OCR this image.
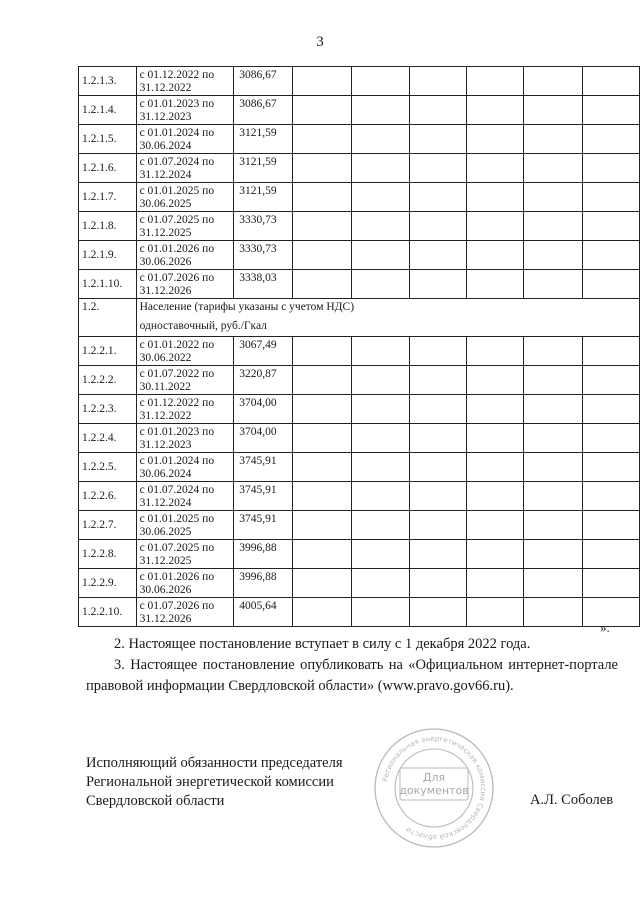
3
1.2.1.3.	с 01.12.2022 по 31.12.2022	3086,67						
1.2.1.4.	с 01.01.2023 по 31.12.2023	3086,67						
1.2.1.5.	с 01.01.2024 по 30.06.2024	3121,59						
1.2.1.6.	с 01.07.2024 по 31.12.2024	3121,59						
1.2.1.7.	с 01.01.2025 по 30.06.2025	3121,59						
1.2.1.8.	с 01.07.2025 по 31.12.2025	3330,73						
1.2.1.9.	с 01.01.2026 по 30.06.2026	3330,73						
1.2.1.10.	с 01.07.2026 по 31.12.2026	3338,03						
1.2.	Население (тарифы указаны с учетом НДС)							
	одноставочный, руб./Гкал							
1.2.2.1.	с 01.01.2022 по 30.06.2022	3067,49						
1.2.2.2.	с 01.07.2022 по 30.11.2022	3220,87						
1.2.2.3.	с 01.12.2022 по 31.12.2022	3704,00						
1.2.2.4.	с 01.01.2023 по 31.12.2023	3704,00						
1.2.2.5.	с 01.01.2024 по 30.06.2024	3745,91						
1.2.2.6.	с 01.07.2024 по 31.12.2024	3745,91						
1.2.2.7.	с 01.01.2025 по 30.06.2025	3745,91						
1.2.2.8.	с 01.07.2025 по 31.12.2025	3996,88						
1.2.2.9.	с 01.01.2026 по 30.06.2026	3996,88						
1.2.2.10.	с 01.07.2026 по 31.12.2026	4005,64						
».
2. Настоящее постановление вступает в силу с 1 декабря 2022 года.
3. Настоящее постановление опубликовать на «Официальном интернет-портале правовой информации Свердловской области» (www.pravo.gov66.ru).
Исполняющий обязанности председателя
Региональной энергетической комиссии
Свердловской области	А.Л. Соболев
Региональная энергетическая комиссия Свердловской области
Для
документов
